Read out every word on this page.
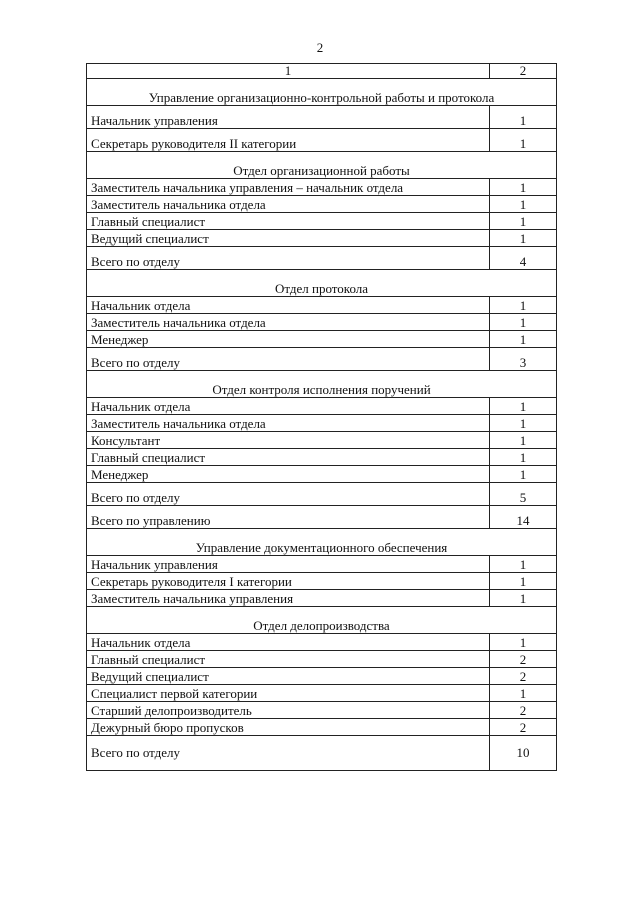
2
1	2
Управление организационно-контрольной работы и протокола	
Начальник управления	1
Секретарь руководителя II категории	1
Отдел организационной работы	
Заместитель начальника управления – начальник отдела	1
Заместитель начальника отдела	1
Главный специалист	1
Ведущий специалист	1
Всего по отделу	4
Отдел протокола	
Начальник отдела	1
Заместитель начальника отдела	1
Менеджер	1
Всего по отделу	3
Отдел контроля исполнения поручений	
Начальник отдела	1
Заместитель начальника отдела	1
Консультант	1
Главный специалист	1
Менеджер	1
Всего по отделу	5
Всего по управлению	14
Управление документационного обеспечения	
Начальник управления	1
Секретарь руководителя I категории	1
Заместитель начальника управления	1
Отдел делопроизводства	
Начальник отдела	1
Главный специалист	2
Ведущий специалист	2
Специалист первой категории	1
Старший делопроизводитель	2
Дежурный бюро пропусков	2
Всего по отделу	10
